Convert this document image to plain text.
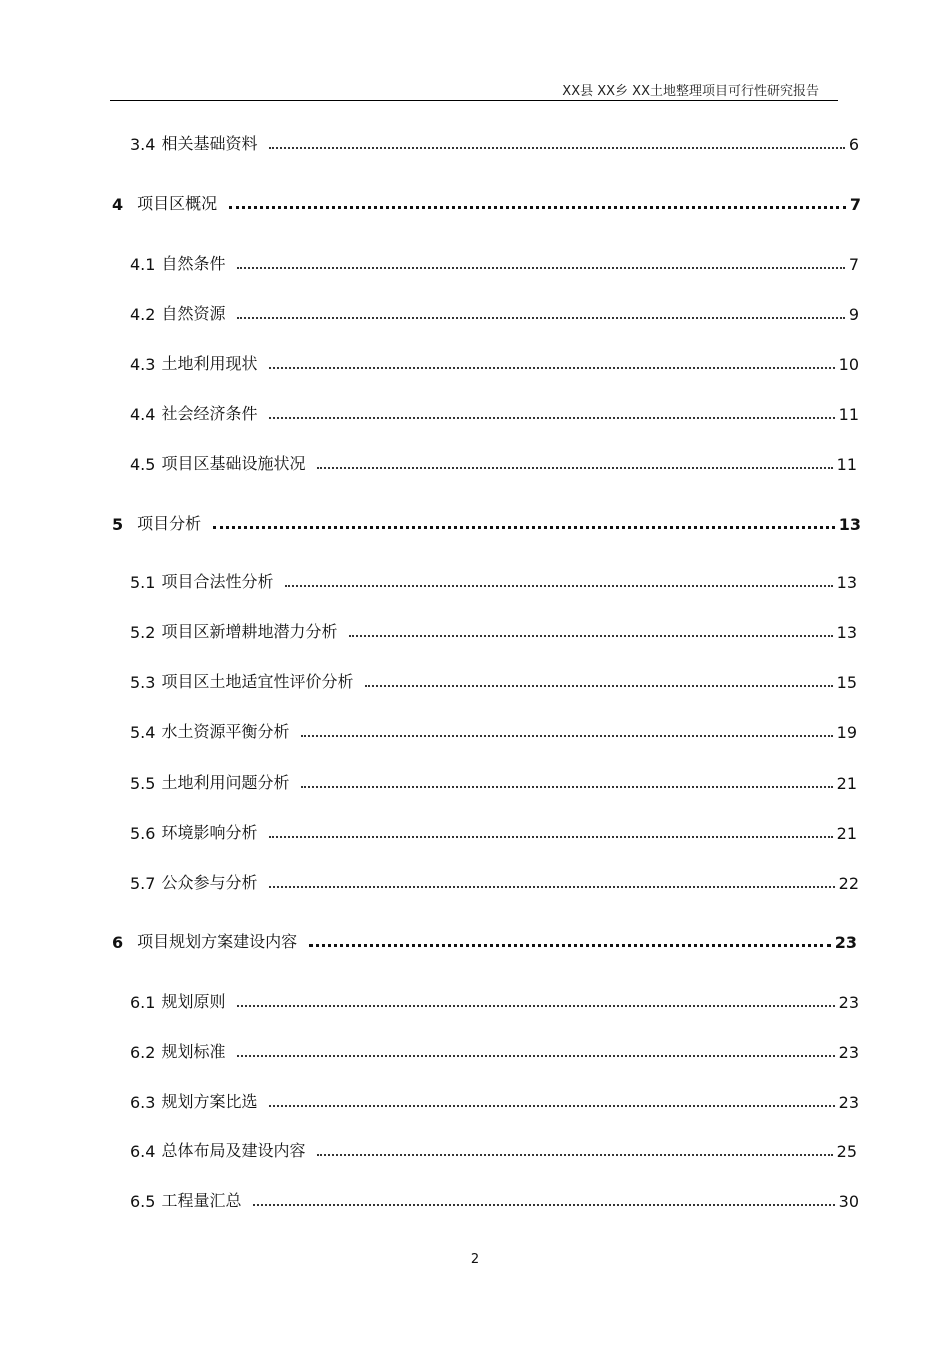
XX县 XX乡 XX土地整理项目可行性研究报告
3.4 相关基础资料	6
4 项目区概况	7
4.1 自然条件	7
4.2 自然资源	9
4.3 土地利用现状	10
4.4 社会经济条件	11
4.5 项目区基础设施状况	11
5 项目分析	13
5.1 项目合法性分析	13
5.2 项目区新增耕地潜力分析	13
5.3 项目区土地适宜性评价分析	15
5.4 水土资源平衡分析	19
5.5 土地利用问题分析	21
5.6 环境影响分析	21
5.7 公众参与分析	22
6 项目规划方案建设内容	23
6.1 规划原则	23
6.2 规划标准	23
6.3 规划方案比选	23
6.4 总体布局及建设内容	25
6.5 工程量汇总	30
2
